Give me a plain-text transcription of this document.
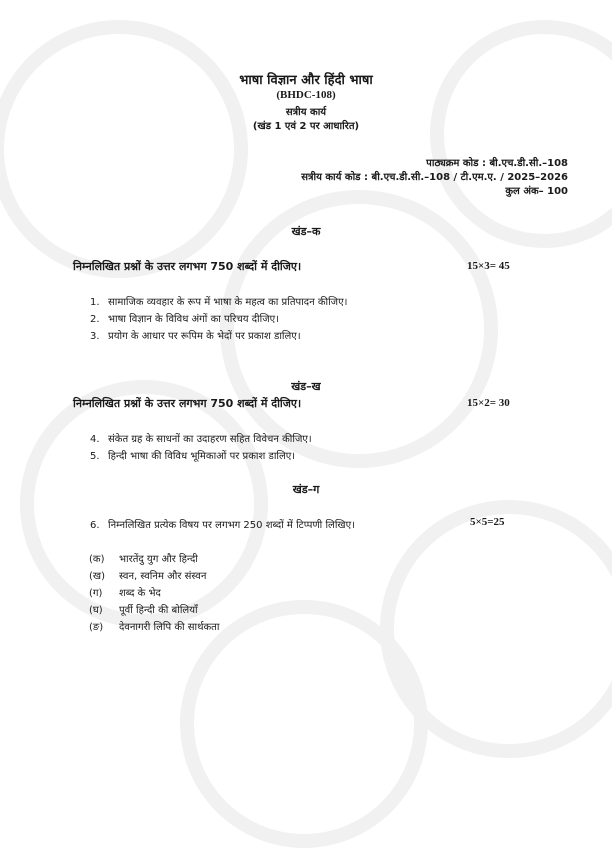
भाषा विज्ञान और हिंदी भाषा
(BHDC-108)
सत्रीय कार्य
(खंड 1 एवं 2 पर आधारित)
पाठ्यक्रम कोड : बी.एच.डी.सी.–108
सत्रीय कार्य कोड : बी.एच.डी.सी.–108 / टी.एम.ए. / 2025–2026
कुल अंक– 100
खंड–क
निम्नलिखित प्रश्नों के उत्तर लगभग 750 शब्दों में दीजिए।	15×3= 45
1. सामाजिक व्यवहार के रूप में भाषा के महत्व का प्रतिपादन कीजिए।
2. भाषा विज्ञान के विविध अंगों का परिचय दीजिए।
3. प्रयोग के आधार पर रूपिम के भेदों पर प्रकाश डालिए।
खंड–ख
निम्नलिखित प्रश्नों के उत्तर लगभग 750 शब्दों में दीजिए।	15×2= 30
4. संकेत ग्रह के साधनों का उदाहरण सहित विवेचन कीजिए।
5. हिन्दी भाषा की विविध भूमिकाओं पर प्रकाश डालिए।
खंड–ग
6. निम्नलिखित प्रत्येक विषय पर लगभग 250 शब्दों में टिप्पणी लिखिए।	5×5=25
(क) भारतेंदु युग और हिन्दी
(ख) स्वन, स्वनिम और संस्वन
(ग) शब्द के भेद
(घ) पूर्वी हिन्दी की बोलियाँ
(ङ) देवनागरी लिपि की सार्थकता
